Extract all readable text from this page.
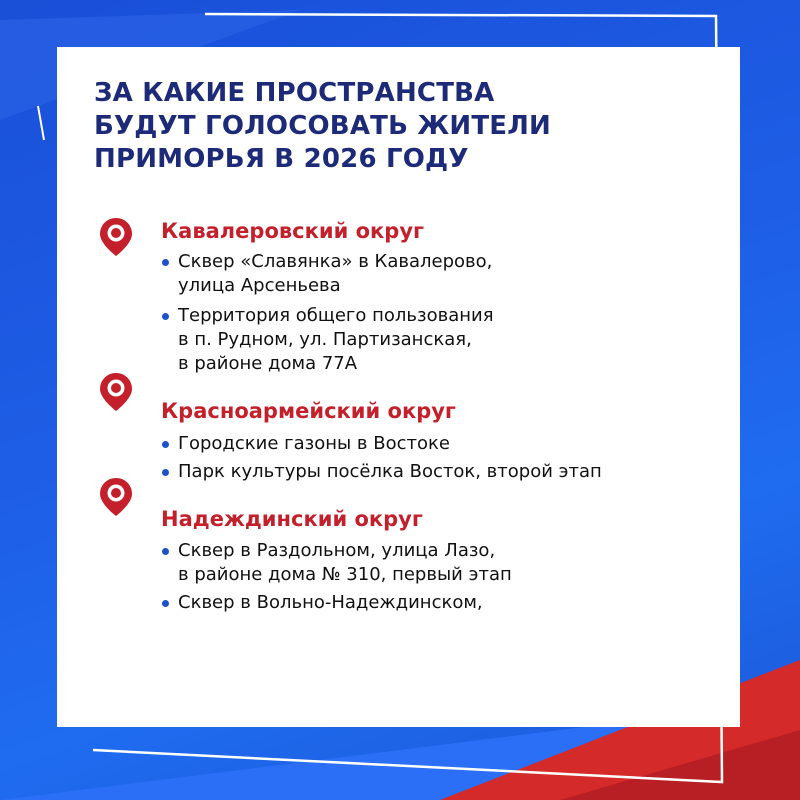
ЗА КАКИЕ ПРОСТРАНСТВА
БУДУТ ГОЛОСОВАТЬ ЖИТЕЛИ
ПРИМОРЬЯ В 2026 ГОДУ
Кавалеровский округ
Сквер «Славянка» в Кавалерово,
улица Арсеньева
Территория общего пользования
в п. Рудном, ул. Партизанская,
в районе дома 77А
Красноармейский округ
Городские газоны в Востоке
Парк культуры посёлка Восток, второй этап
Надеждинский округ
Сквер в Раздольном, улица Лазо,
в районе дома № 310, первый этап
Сквер в Вольно-Надеждинском,
